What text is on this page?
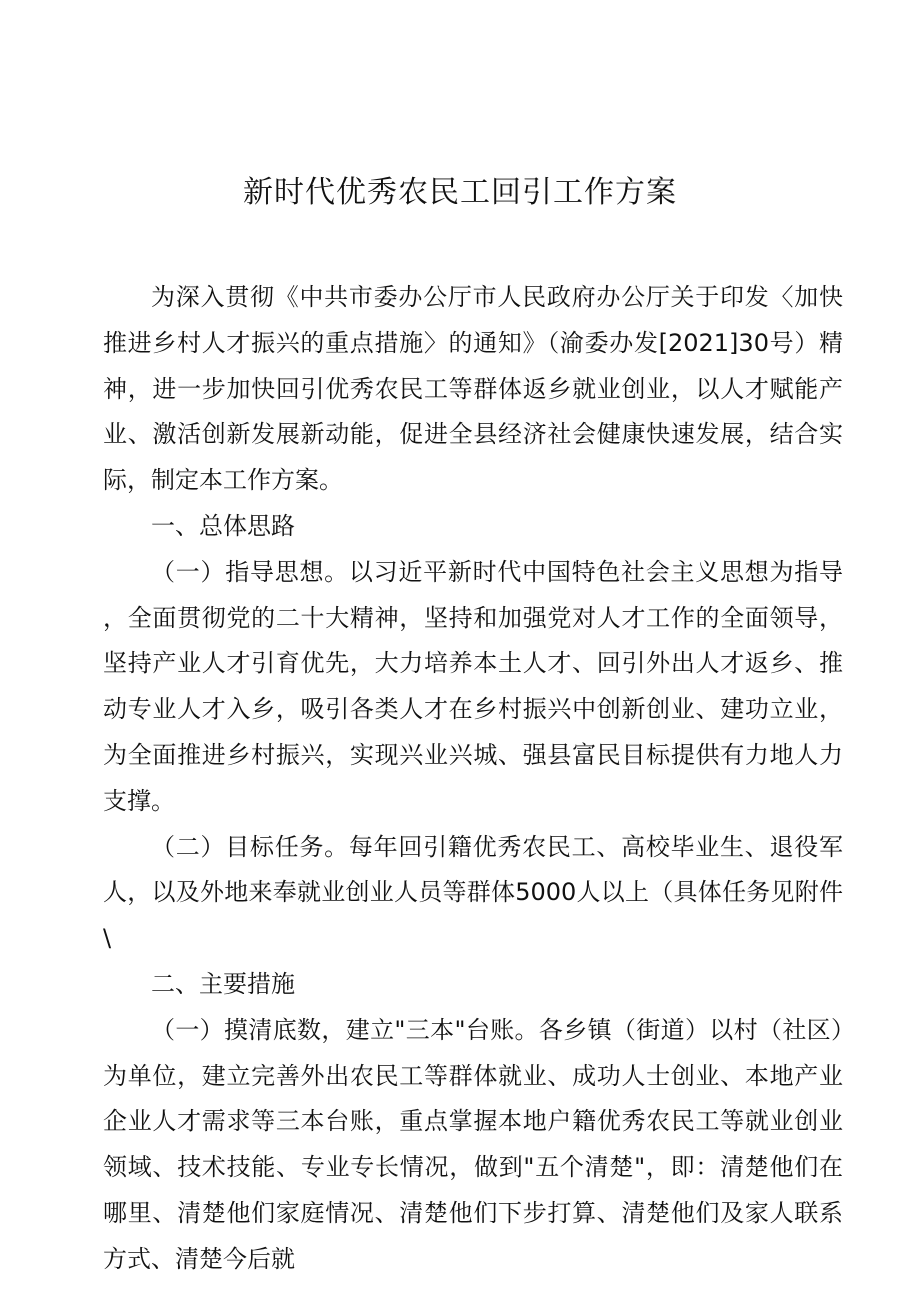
新时代优秀农民工回引工作方案

为深入贯彻《中共市委办公厅市人民政府办公厅关于印发〈加快推进乡村人才振兴的重点措施〉的通知》（渝委办发[2021]30号）精神，进一步加快回引优秀农民工等群体返乡就业创业，以人才赋能产业、激活创新发展新动能，促进全县经济社会健康快速发展，结合实际，制定本工作方案。

一、总体思路

（一）指导思想。以习近平新时代中国特色社会主义思想为指导，全面贯彻党的二十大精神，坚持和加强党对人才工作的全面领导，坚持产业人才引育优先，大力培养本土人才、回引外出人才返乡、推动专业人才入乡，吸引各类人才在乡村振兴中创新创业、建功立业，为全面推进乡村振兴，实现兴业兴城、强县富民目标提供有力地人力支撑。

（二）目标任务。每年回引籍优秀农民工、高校毕业生、退役军人，以及外地来奉就业创业人员等群体5000人以上（具体任务见附件\

二、主要措施

（一）摸清底数，建立"三本"台账。各乡镇（街道）以村（社区）为单位，建立完善外出农民工等群体就业、成功人士创业、本地产业企业人才需求等三本台账，重点掌握本地户籍优秀农民工等就业创业领域、技术技能、专业专长情况，做到"五个清楚"，即：清楚他们在哪里、清楚他们家庭情况、清楚他们下步打算、清楚他们及家人联系方式、清楚今后就
